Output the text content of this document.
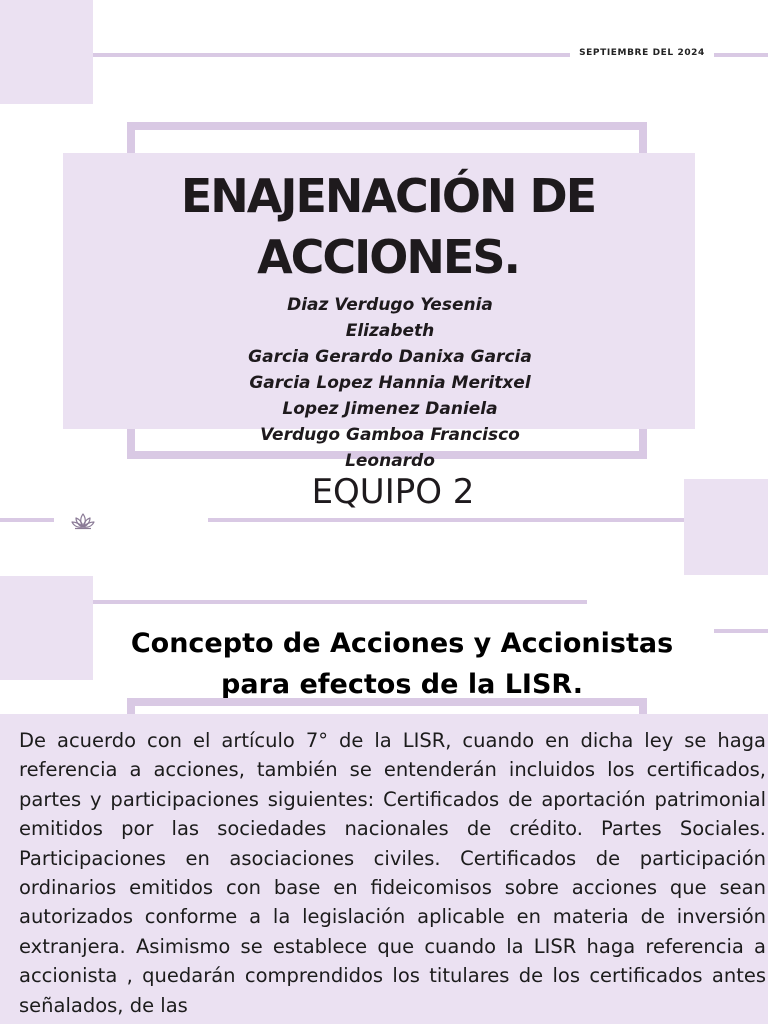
SEPTIEMBRE DEL 2024
ENAJENACIÓN DE
ACCIONES.
Diaz Verdugo Yesenia
Elizabeth
Garcia Gerardo Danixa Garcia
Garcia Lopez Hannia Meritxel
Lopez Jimenez Daniela
Verdugo Gamboa Francisco
Leonardo
EQUIPO 2
Concepto de Acciones y Accionistas
para efectos de la LISR.
De acuerdo con el artículo 7° de la LISR, cuando en dicha ley se haga referencia a acciones, también se entenderán incluidos los certificados, partes y participaciones siguientes: Certificados de aportación patrimonial emitidos por las sociedades nacionales de crédito. Partes Sociales. Participaciones en asociaciones civiles. Certificados de participación ordinarios emitidos con base en fideicomisos sobre acciones que sean autorizados conforme a la legislación aplicable en materia de inversión extranjera. Asimismo se establece que cuando la LISR haga referencia a accionista , quedarán comprendidos los titulares de los certificados antes señalados, de las
